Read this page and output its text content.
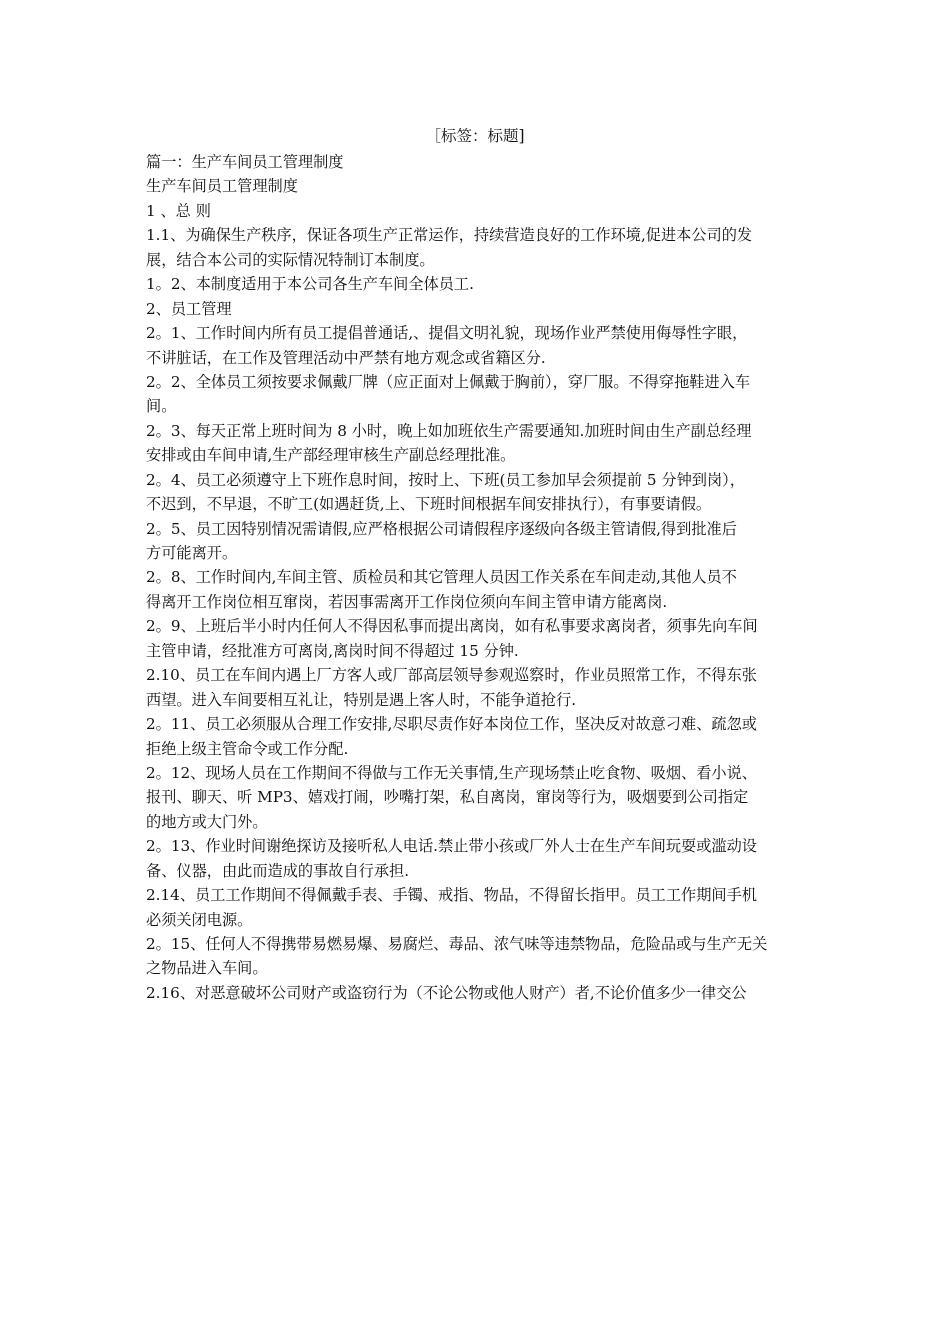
［标签：标题]
篇一：生产车间员工管理制度
生产车间员工管理制度
1 、总 则
1.1、为确保生产秩序，保证各项生产正常运作，持续营造良好的工作环境,促进本公司的发
展，结合本公司的实际情况特制订本制度。
1。2、本制度适用于本公司各生产车间全体员工.
2、员工管理
2。1、工作时间内所有员工提倡普通话,、提倡文明礼貌，现场作业严禁使用侮辱性字眼，
不讲脏话，在工作及管理活动中严禁有地方观念或省籍区分.
2。2、全体员工须按要求佩戴厂牌（应正面对上佩戴于胸前），穿厂服。不得穿拖鞋进入车
间。
2。3、每天正常上班时间为 8 小时，晚上如加班依生产需要通知.加班时间由生产副总经理
安排或由车间申请,生产部经理审核生产副总经理批准。
2。4、员工必须遵守上下班作息时间，按时上、下班(员工参加早会须提前 5 分钟到岗），
不迟到，不早退，不旷工(如遇赶货,上、下班时间根据车间安排执行），有事要请假。
2。5、员工因特别情况需请假,应严格根据公司请假程序逐级向各级主管请假,得到批准后
方可能离开。
2。8、工作时间内,车间主管、质检员和其它管理人员因工作关系在车间走动,其他人员不
得离开工作岗位相互窜岗，若因事需离开工作岗位须向车间主管申请方能离岗.
2。9、上班后半小时内任何人不得因私事而提出离岗，如有私事要求离岗者，须事先向车间
主管申请，经批准方可离岗,离岗时间不得超过 15 分钟.
2.10、员工在车间内遇上厂方客人或厂部高层领导参观巡察时，作业员照常工作，不得东张
西望。进入车间要相互礼让，特别是遇上客人时，不能争道抢行.
2。11、员工必须服从合理工作安排,尽职尽责作好本岗位工作，坚决反对故意刁难、疏忽或
拒绝上级主管命令或工作分配.
2。12、现场人员在工作期间不得做与工作无关事情,生产现场禁止吃食物、吸烟、看小说、
报刊、聊天、听 MP3、嬉戏打闹，吵嘴打架，私自离岗，窜岗等行为，吸烟要到公司指定
的地方或大门外。
2。13、作业时间谢绝探访及接听私人电话.禁止带小孩或厂外人士在生产车间玩耍或滥动设
备、仪器，由此而造成的事故自行承担.
2.14、员工工作期间不得佩戴手表、手镯、戒指、物品，不得留长指甲。员工工作期间手机
必须关闭电源。
2。15、任何人不得携带易燃易爆、易腐烂、毒品、浓气味等违禁物品，危险品或与生产无关
之物品进入车间。
2.16、对恶意破坏公司财产或盗窃行为（不论公物或他人财产）者,不论价值多少一律交公
